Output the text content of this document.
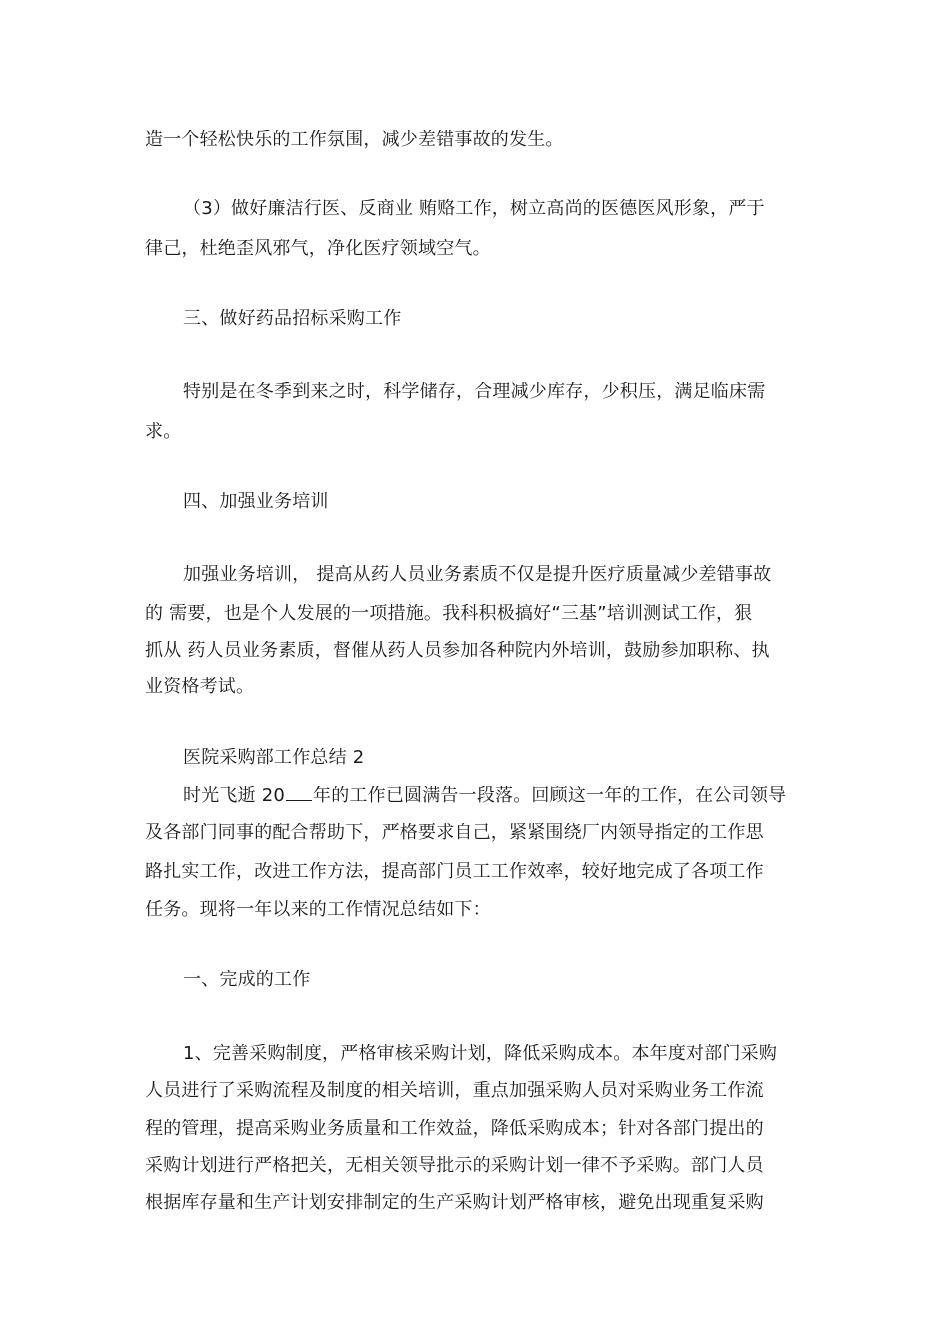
造一个轻松快乐的工作氛围，减少差错事故的发生。
（3）做好廉洁行医、反商业 贿赂工作，树立高尚的医德医风形象，严于
律己，杜绝歪风邪气，净化医疗领域空气。
三、做好药品招标采购工作
特别是在冬季到来之时，科学储存，合理减少库存，少积压，满足临床需
求。
四、加强业务培训
加强业务培训， 提高从药人员业务素质不仅是提升医疗质量减少差错事故
的 需要，也是个人发展的一项措施。我科积极搞好“三基”培训测试工作，狠
抓从 药人员业务素质，督催从药人员参加各种院内外培训，鼓励参加职称、执
业资格考试。
医院采购部工作总结 2
时光飞逝 20 年的工作已圆满告一段落。回顾这一年的工作，在公司领导
及各部门同事的配合帮助下，严格要求自己，紧紧围绕厂内领导指定的工作思
路扎实工作，改进工作方法，提高部门员工工作效率，较好地完成了各项工作
任务。现将一年以来的工作情况总结如下：
一、完成的工作
1、完善采购制度，严格审核采购计划，降低采购成本。本年度对部门采购
人员进行了采购流程及制度的相关培训，重点加强采购人员对采购业务工作流
程的管理，提高采购业务质量和工作效益，降低采购成本；针对各部门提出的
采购计划进行严格把关，无相关领导批示的采购计划一律不予采购。部门人员
根据库存量和生产计划安排制定的生产采购计划严格审核，避免出现重复采购
